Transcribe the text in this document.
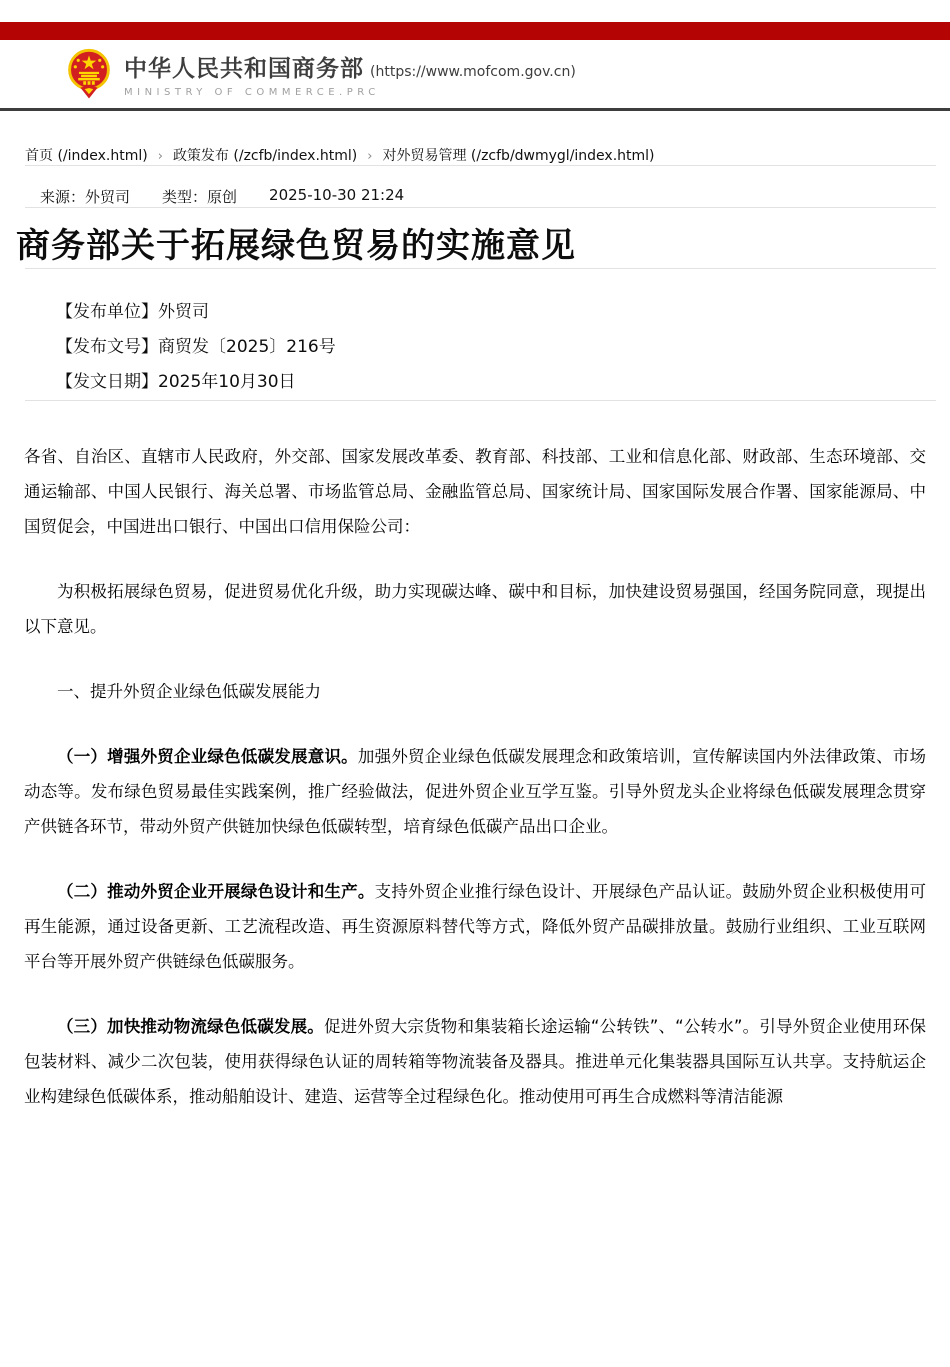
中华人民共和国商务部 (https://www.mofcom.gov.cn)
MINISTRY OF COMMERCE.PRC
首页 (/index.html) › 政策发布 (/zcfb/index.html) › 对外贸易管理 (/zcfb/dwmygl/index.html)
来源：外贸司 类型：原创 2025-10-30 21:24
商务部关于拓展绿色贸易的实施意见
【发布单位】外贸司
【发布文号】商贸发〔2025〕216号
【发文日期】2025年10月30日

各省、自治区、直辖市人民政府，外交部、国家发展改革委、教育部、科技部、工业和信息化部、财政部、生态环境部、交通运输部、中国人民银行、海关总署、市场监管总局、金融监管总局、国家统计局、国家国际发展合作署、国家能源局、中国贸促会，中国进出口银行、中国出口信用保险公司：

为积极拓展绿色贸易，促进贸易优化升级，助力实现碳达峰、碳中和目标，加快建设贸易强国，经国务院同意，现提出以下意见。

一、提升外贸企业绿色低碳发展能力

（一）增强外贸企业绿色低碳发展意识。加强外贸企业绿色低碳发展理念和政策培训，宣传解读国内外法律政策、市场动态等。发布绿色贸易最佳实践案例，推广经验做法，促进外贸企业互学互鉴。引导外贸龙头企业将绿色低碳发展理念贯穿产供链各环节，带动外贸产供链加快绿色低碳转型，培育绿色低碳产品出口企业。

（二）推动外贸企业开展绿色设计和生产。支持外贸企业推行绿色设计、开展绿色产品认证。鼓励外贸企业积极使用可再生能源，通过设备更新、工艺流程改造、再生资源原料替代等方式，降低外贸产品碳排放量。鼓励行业组织、工业互联网平台等开展外贸产供链绿色低碳服务。

（三）加快推动物流绿色低碳发展。促进外贸大宗货物和集装箱长途运输“公转铁”、“公转水”。引导外贸企业使用环保包装材料、减少二次包装，使用获得绿色认证的周转箱等物流装备及器具。推进单元化集装器具国际互认共享。支持航运企业构建绿色低碳体系，推动船舶设计、建造、运营等全过程绿色化。推动使用可再生合成燃料等清洁能源
